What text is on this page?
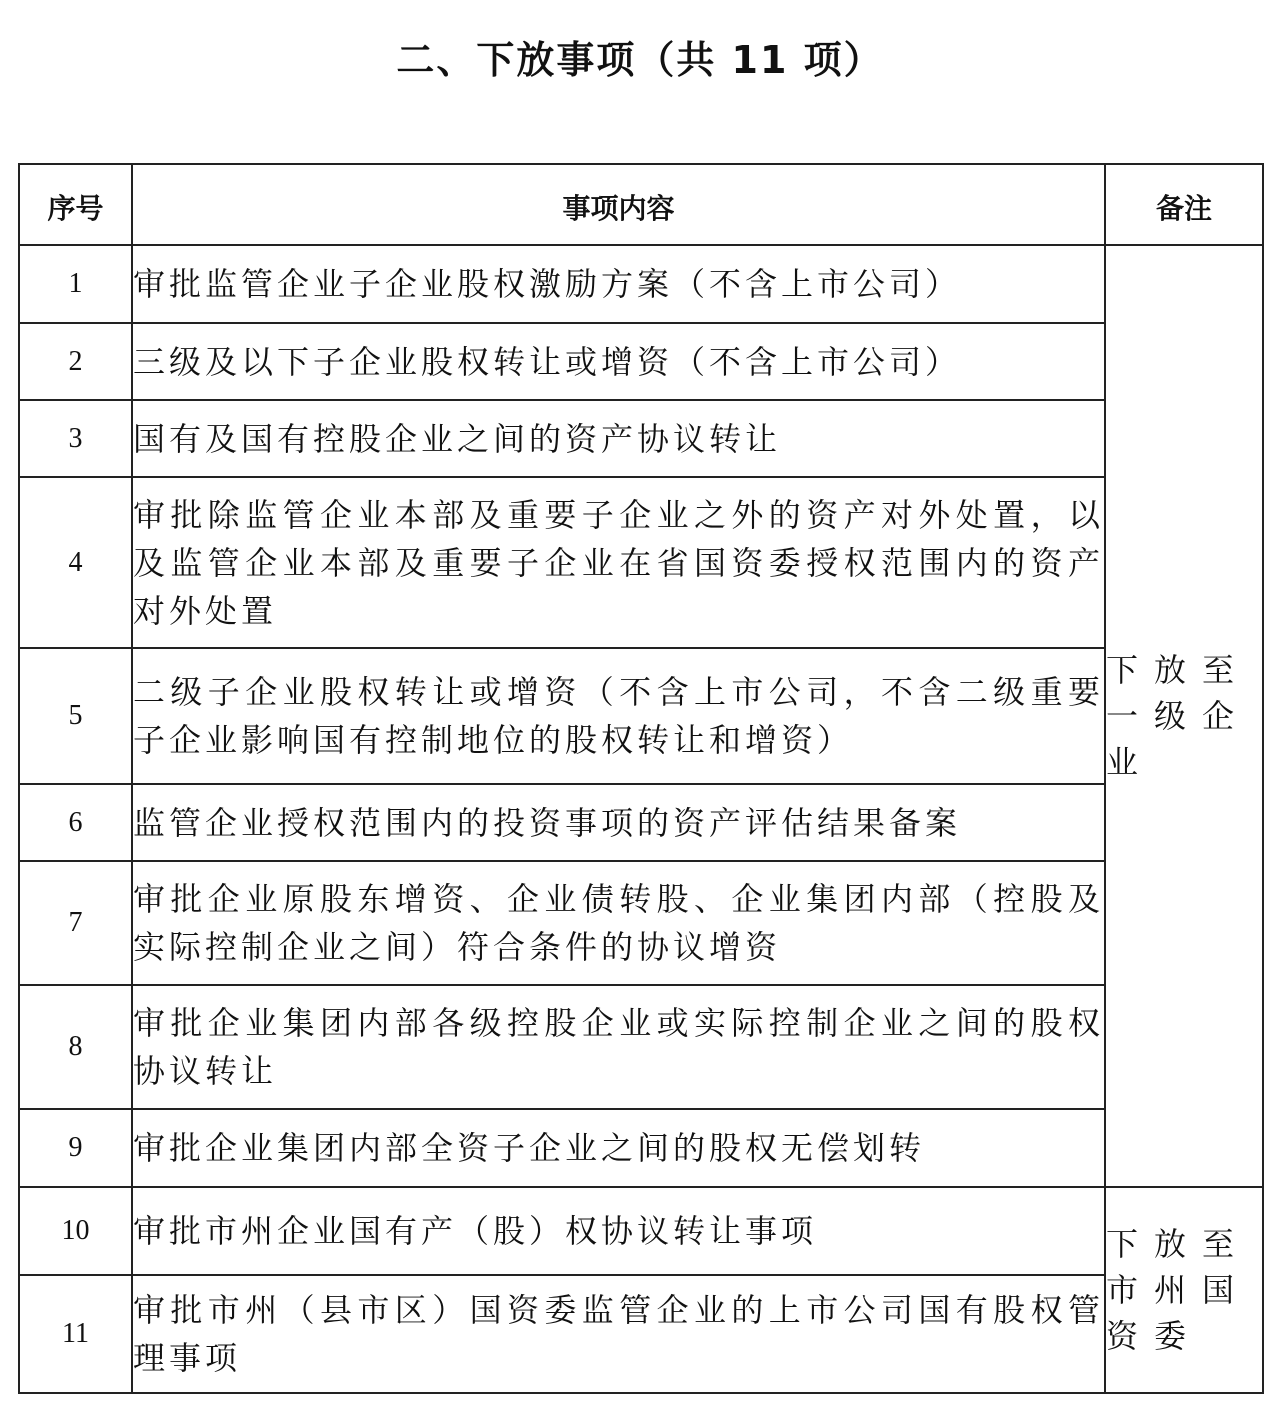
二、下放事项（共 11 项）
序号	事项内容	备注
1	审批监管企业子企业股权激励方案（不含上市公司）	下放至
一级企
业

2	三级及以下子企业股权转让或增资（不含上市公司）	
3	国有及国有控股企业之间的资产协议转让	
4	审批除监管企业本部及重要子企业之外的资产对外处置，以及监管企业本部及重要子企业在省国资委授权范围内的资产对外处置	
5	二级子企业股权转让或增资（不含上市公司，不含二级重要子企业影响国有控制地位的股权转让和增资）	
6	监管企业授权范围内的投资事项的资产评估结果备案	
7	审批企业原股东增资、企业债转股、企业集团内部（控股及实际控制企业之间）符合条件的协议增资	
8	审批企业集团内部各级控股企业或实际控制企业之间的股权协议转让	
9	审批企业集团内部全资子企业之间的股权无偿划转	
10	审批市州企业国有产（股）权协议转让事项	下放至
市州国
资委

11	审批市州（县市区）国资委监管企业的上市公司国有股权管理事项	
